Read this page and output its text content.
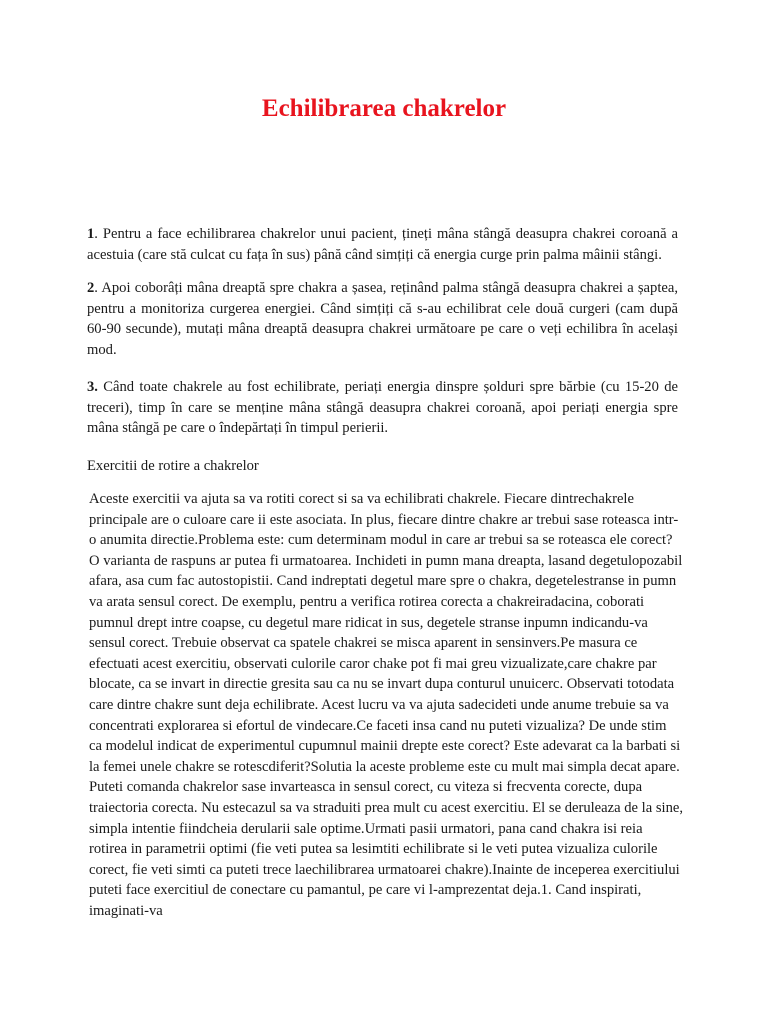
Echilibrarea chakrelor

1. Pentru a face echilibrarea chakrelor unui pacient, țineți mâna stângă deasupra chakrei coroană a acestuia (care stă culcat cu fața în sus) până când simțiți că energia curge prin palma mâinii stângi.

2. Apoi coborâți mâna dreaptă spre chakra a șasea, reținând palma stângă deasupra chakrei a șaptea, pentru a monitoriza curgerea energiei. Când simțiți că s-au echilibrat cele două curgeri (cam după 60-90 secunde), mutați mâna dreaptă deasupra chakrei următoare pe care o veți echilibra în același mod.

3. Când toate chakrele au fost echilibrate, periați energia dinspre șolduri spre bărbie (cu 15-20 de treceri), timp în care se menține mâna stângă deasupra chakrei coroană, apoi periați energia spre mâna stângă pe care o îndepărtați în timpul perierii.

Exercitii de rotire a chakrelor

Aceste exercitii va ajuta sa va rotiti corect si sa va echilibrati chakrele. Fiecare dintrechakrele principale are o culoare care ii este asociata. In plus, fiecare dintre chakre ar trebui sase roteasca intr-o anumita directie.Problema este: cum determinam modul in care ar trebui sa se roteasca ele corect?O varianta de raspuns ar putea fi urmatoarea. Inchideti in pumn mana dreapta, lasand degetulopozabil afara, asa cum fac autostopistii. Cand indreptati degetul mare spre o chakra, degetelestranse in pumn va arata sensul corect. De exemplu, pentru a verifica rotirea corecta a chakreiradacina, coborati pumnul drept intre coapse, cu degetul mare ridicat in sus, degetele stranse inpumn indicandu-va sensul corect. Trebuie observat ca spatele chakrei se misca aparent in sensinvers.Pe masura ce efectuati acest exercitiu, observati culorile caror chake pot fi mai greu vizualizate,care chakre par blocate, ca se invart in directie gresita sau ca nu se invart dupa conturul unuicerc. Observati totodata care dintre chakre sunt deja echilibrate. Acest lucru va va ajuta sadecideti unde anume trebuie sa va concentrati explorarea si efortul de vindecare.Ce faceti insa cand nu puteti vizualiza? De unde stim ca modelul indicat de experimentul cupumnul mainii drepte este corect? Este adevarat ca la barbati si la femei unele chakre se rotescdiferit?Solutia la aceste probleme este cu mult mai simpla decat apare. Puteti comanda chakrelor sase invarteasca in sensul corect, cu viteza si frecventa corecte, dupa traiectoria corecta. Nu estecazul sa va straduiti prea mult cu acest exercitiu. El se deruleaza de la sine, simpla intentie fiindcheia derularii sale optime.Urmati pasii urmatori, pana cand chakra isi reia rotirea in parametrii optimi (fie veti putea sa lesimtiti echilibrate si le veti putea vizualiza culorile corect, fie veti simti ca puteti trece laechilibrarea urmatoarei chakre).Inainte de inceperea exercitiului puteti face exercitiul de conectare cu pamantul, pe care vi l-amprezentat deja.1. Cand inspirati, imaginati-va
